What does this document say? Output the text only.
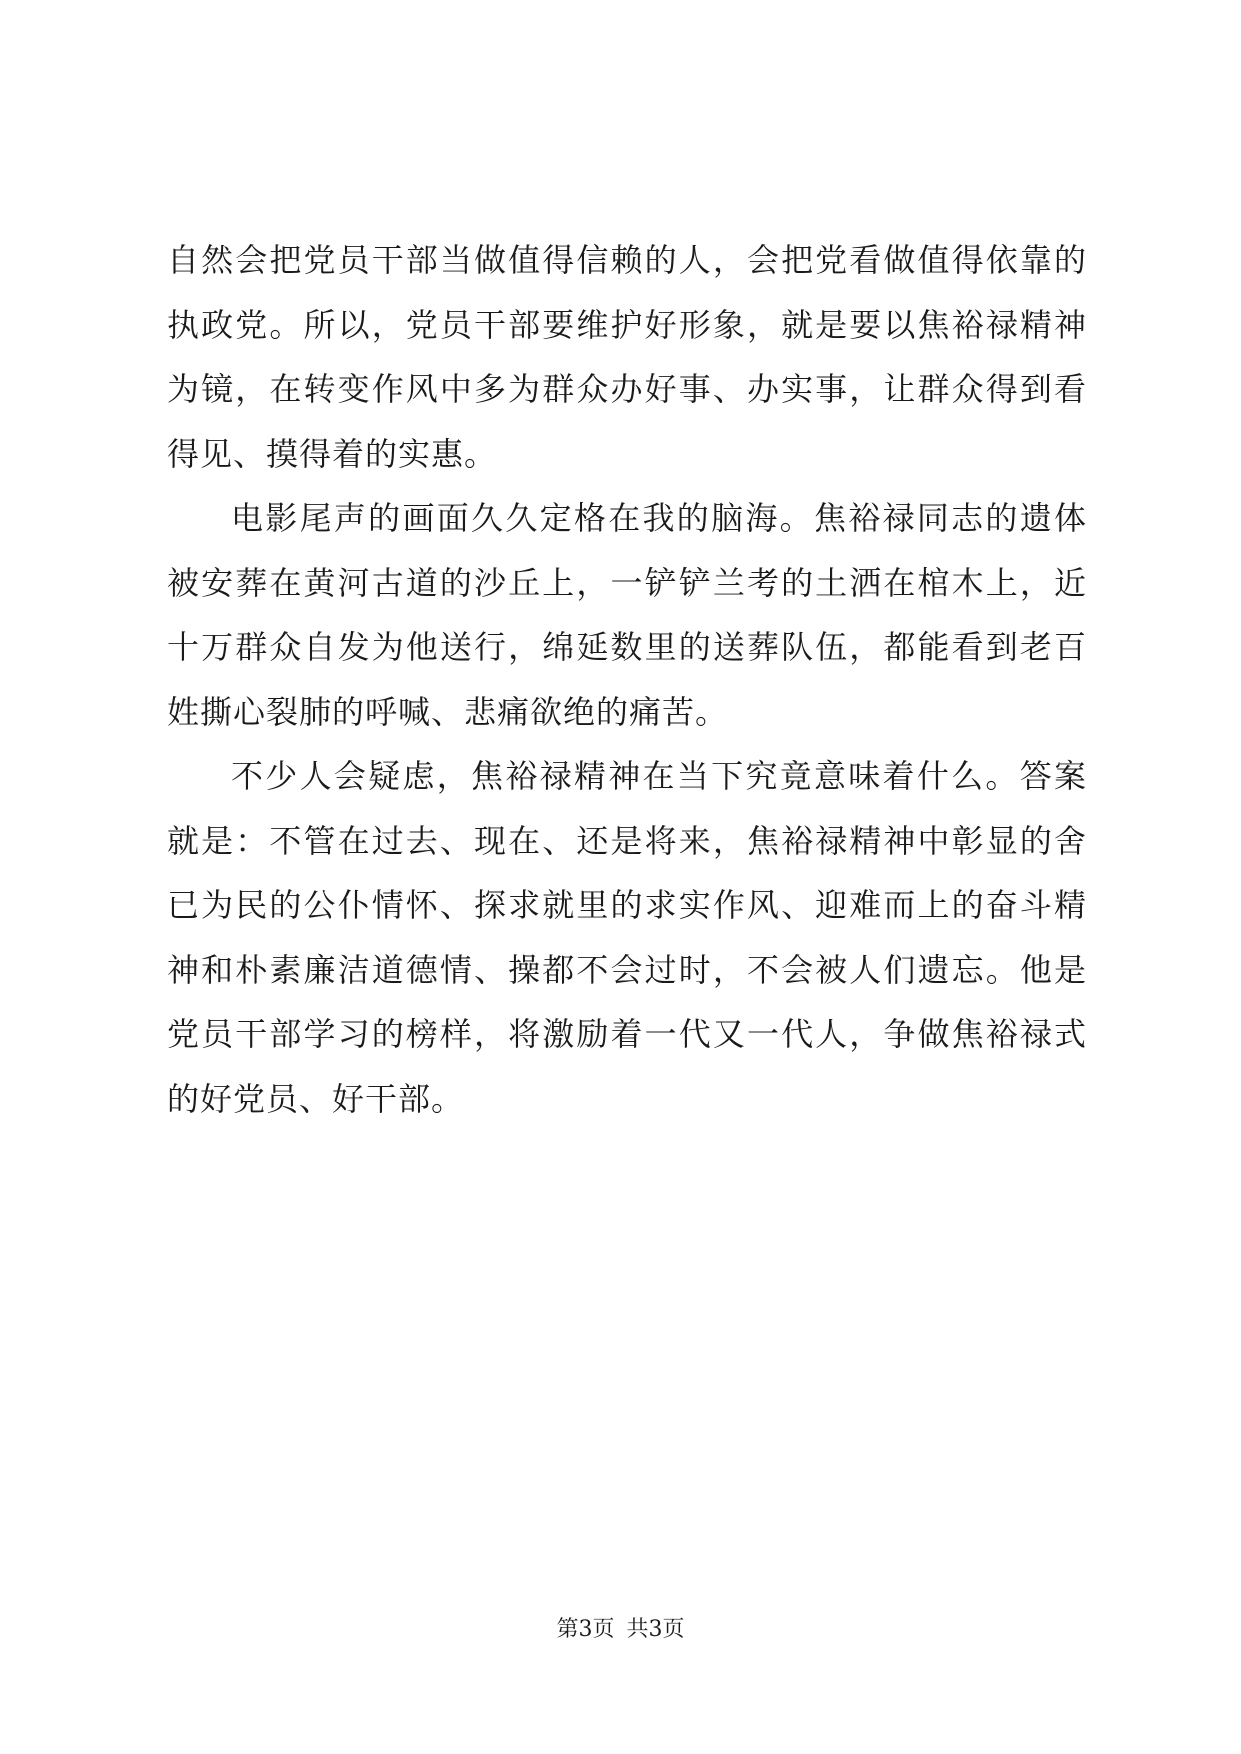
自然会把党员干部当做值得信赖的人，会把党看做值得依靠的执政党。所以，党员干部要维护好形象，就是要以焦裕禄精神为镜，在转变作风中多为群众办好事、办实事，让群众得到看得见、摸得着的实惠。

电影尾声的画面久久定格在我的脑海。焦裕禄同志的遗体被安葬在黄河古道的沙丘上，一铲铲兰考的土洒在棺木上，近十万群众自发为他送行，绵延数里的送葬队伍，都能看到老百姓撕心裂肺的呼喊、悲痛欲绝的痛苦。

不少人会疑虑，焦裕禄精神在当下究竟意味着什么。答案就是：不管在过去、现在、还是将来，焦裕禄精神中彰显的舍已为民的公仆情怀、探求就里的求实作风、迎难而上的奋斗精神和朴素廉洁道德情、操都不会过时，不会被人们遗忘。他是党员干部学习的榜样，将激励着一代又一代人，争做焦裕禄式的好党员、好干部。

第3页 共3页
